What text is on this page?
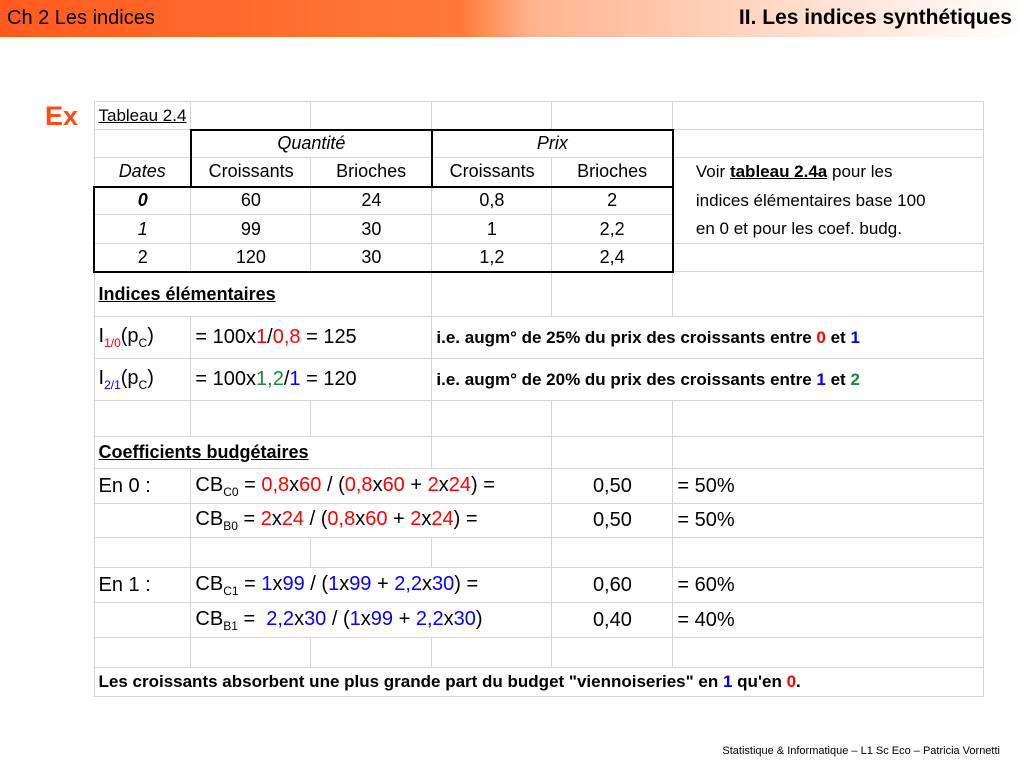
Ch 2 Les indices	II. Les indices synthétiques
Ex Tableau 2.4					
	Quantité		Prix		
Dates	Croissants	Brioches	Croissants	Brioches	Voir tableau 2.4a pour les
0	60	24	0,8	2	indices élémentaires base 100
1	99	30	1	2,2	en 0 et pour les coef. budg.
2	120	30	1,2	2,4	
Indices élémentaires					
$I_{1/0}(p_C)$	= 100x1/0,8 = 125		i.e. augm° de 25% du prix des croissants entre 0 et 1		
$I_{2/1}(p_C)$	= 100x1,2/1 = 120		i.e. augm° de 20% du prix des croissants entre 1 et 2		

Coefficients budgétaires					
En 0 :	$CB_{C0} = 0,8x60 / (0,8x60 + 2x24)$ =			0,50	= 50%
	$CB_{B0} = 2x24 / (0,8x60 + 2x24)$ =			0,50	= 50%

En 1 :	$CB_{C1} = 1x99 / (1x99 + 2,2x30)$ =			0,60	= 60%
	$CB_{B1} = 2,2x30 / (1x99 + 2,2x30)$			0,40	= 40%

Les croissants absorbent une plus grande part du budget "viennoiseries" en 1 qu'en 0.					
Statistique & Informatique – L1 Sc Eco – Patricia Vornetti
